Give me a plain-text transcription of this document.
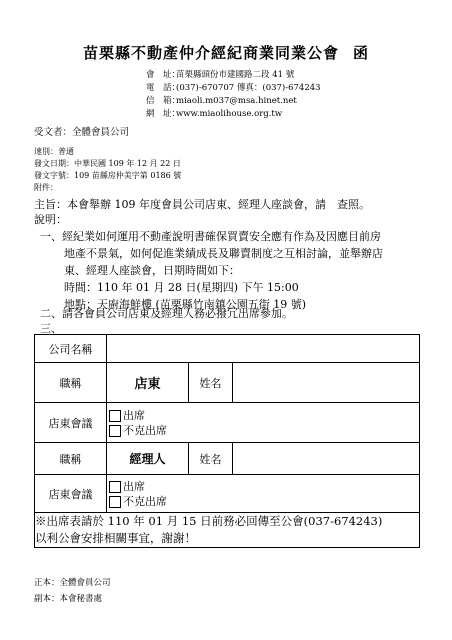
苗栗縣不動產仲介經紀商業同業公會 函
會　址：苗栗縣頭份市建國路二段 41 號
電　話：(037)-670707 傳真：(037)-674243
信　箱：miaoli.m037@msa.hinet.net
網　址：www.miaolihouse.org.tw
受文者：全體會員公司
速別：普通
發文日期：中華民國 109 年 12 月 22 日
發文字號：109 苗縣房仲美字第 0186 號
附件：
主旨：本會舉辦 109 年度會員公司店東、經理人座談會，請　查照。
說明：
一、經紀業如何運用不動產說明書確保買賣安全應有作為及因應目前房
地產不景氣，如何促進業績成長及聯賣制度之互相討論，並舉辦店
東、經理人座談會，日期時間如下：
時間：110 年 01 月 28 日(星期四) 下午 15:00
地點：天廚海鮮樓 (苗栗縣竹南鎮公園五街 19 號)
二、請各會員公司店東及經理人務必撥冗出席參加。
三、
公司名稱			
職稱	店東	姓名	
店東會議	出席
不克出席		

職稱	經理人	姓名	
店東會議	出席
不克出席		

※出席表請於 110 年 01 月 15 日前務必回傳至公會(037-674243)
以利公會安排相關事宜，謝謝！			
正本：全體會員公司
副本：本會秘書處
